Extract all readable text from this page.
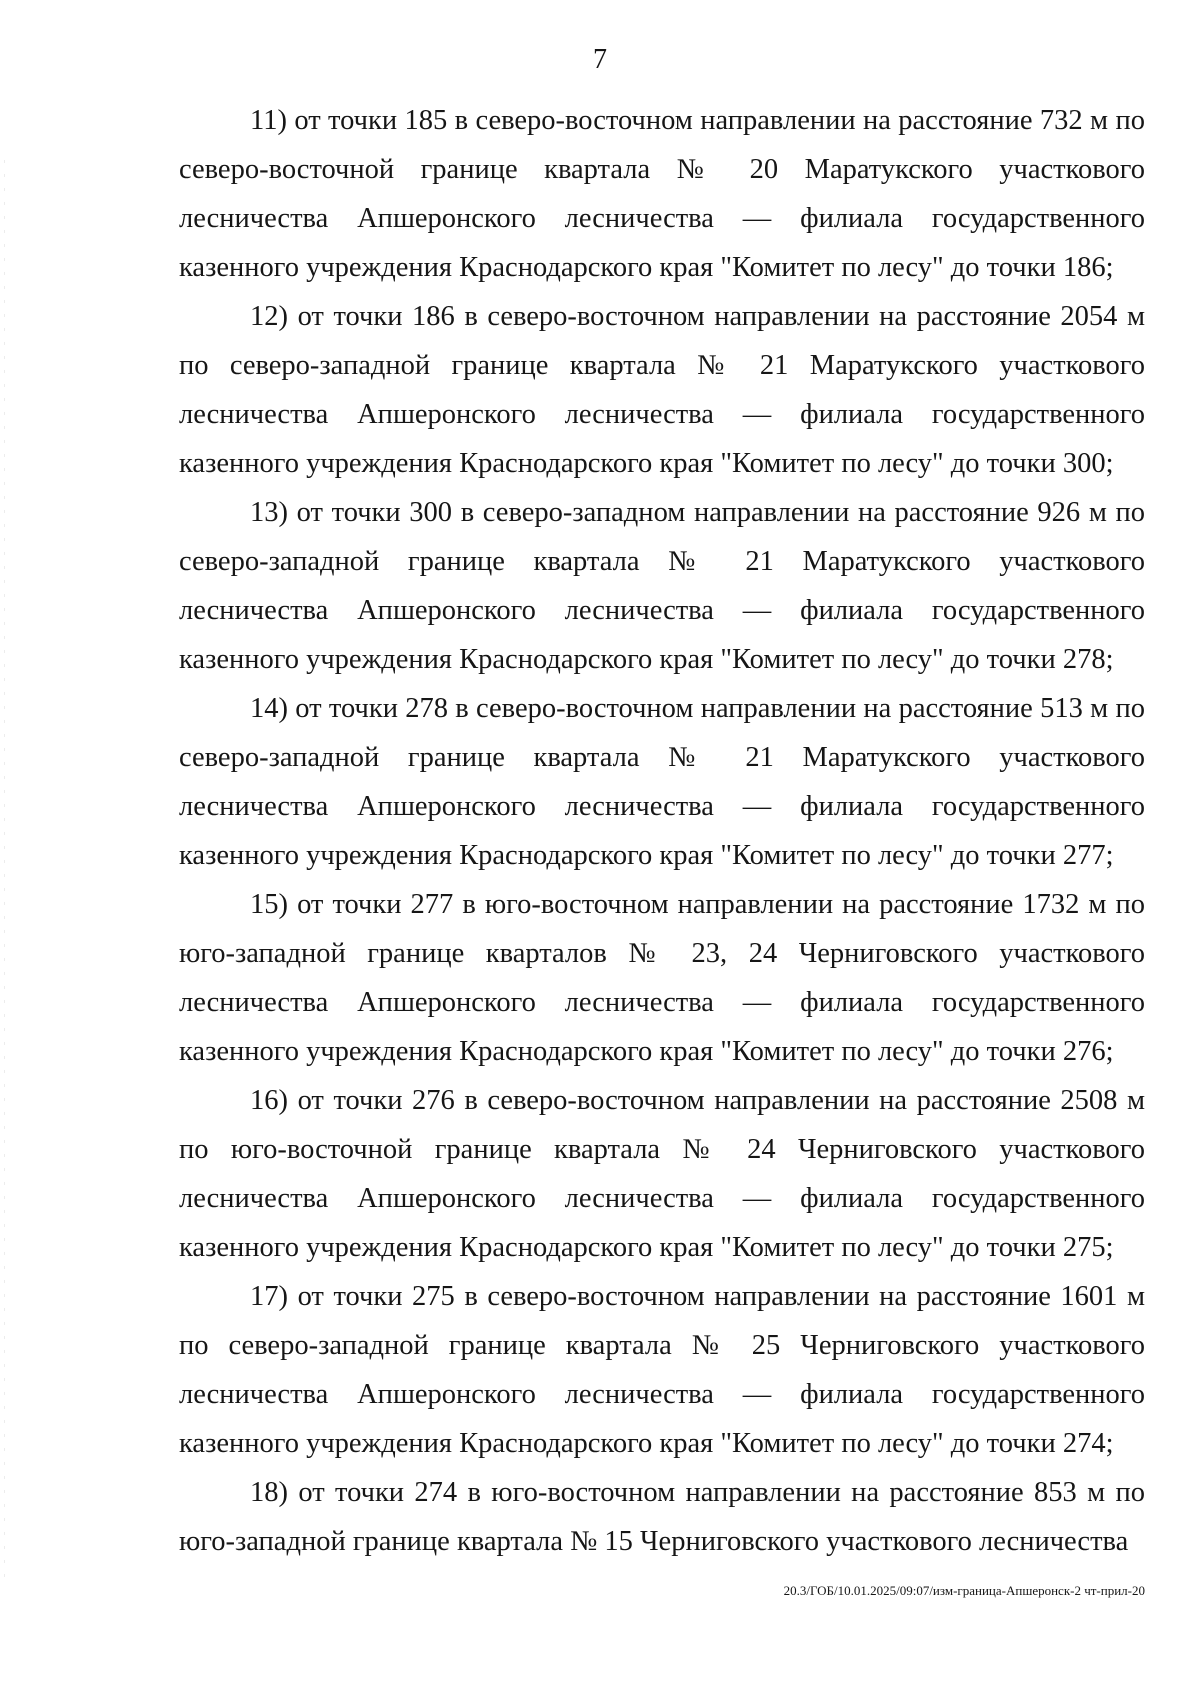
7

11) от точки 185 в северо-восточном направлении на расстояние 732 м по северо-восточной границе квартала № 20 Маратукского участкового лесничества Апшеронского лесничества — филиала государственного казенного учреждения Краснодарского края "Комитет по лесу" до точки 186;

12) от точки 186 в северо-восточном направлении на расстояние 2054 м по северо-западной границе квартала № 21 Маратукского участкового лесничества Апшеронского лесничества — филиала государственного казенного учреждения Краснодарского края "Комитет по лесу" до точки 300;

13) от точки 300 в северо-западном направлении на расстояние 926 м по северо-западной границе квартала № 21 Маратукского участкового лесничества Апшеронского лесничества — филиала государственного казенного учреждения Краснодарского края "Комитет по лесу" до точки 278;

14) от точки 278 в северо-восточном направлении на расстояние 513 м по северо-западной границе квартала № 21 Маратукского участкового лесничества Апшеронского лесничества — филиала государственного казенного учреждения Краснодарского края "Комитет по лесу" до точки 277;

15) от точки 277 в юго-восточном направлении на расстояние 1732 м по юго-западной границе кварталов № 23, 24 Черниговского участкового лесничества Апшеронского лесничества — филиала государственного казенного учреждения Краснодарского края "Комитет по лесу" до точки 276;

16) от точки 276 в северо-восточном направлении на расстояние 2508 м по юго-восточной границе квартала № 24 Черниговского участкового лесничества Апшеронского лесничества — филиала государственного казенного учреждения Краснодарского края "Комитет по лесу" до точки 275;

17) от точки 275 в северо-восточном направлении на расстояние 1601 м по северо-западной границе квартала № 25 Черниговского участкового лесничества Апшеронского лесничества — филиала государственного казенного учреждения Краснодарского края "Комитет по лесу" до точки 274;

18) от точки 274 в юго-восточном направлении на расстояние 853 м по юго-западной границе квартала № 15 Черниговского участкового лесничества

20.3/ГОБ/10.01.2025/09:07/изм-граница-Апшеронск-2 чт-прил-20
